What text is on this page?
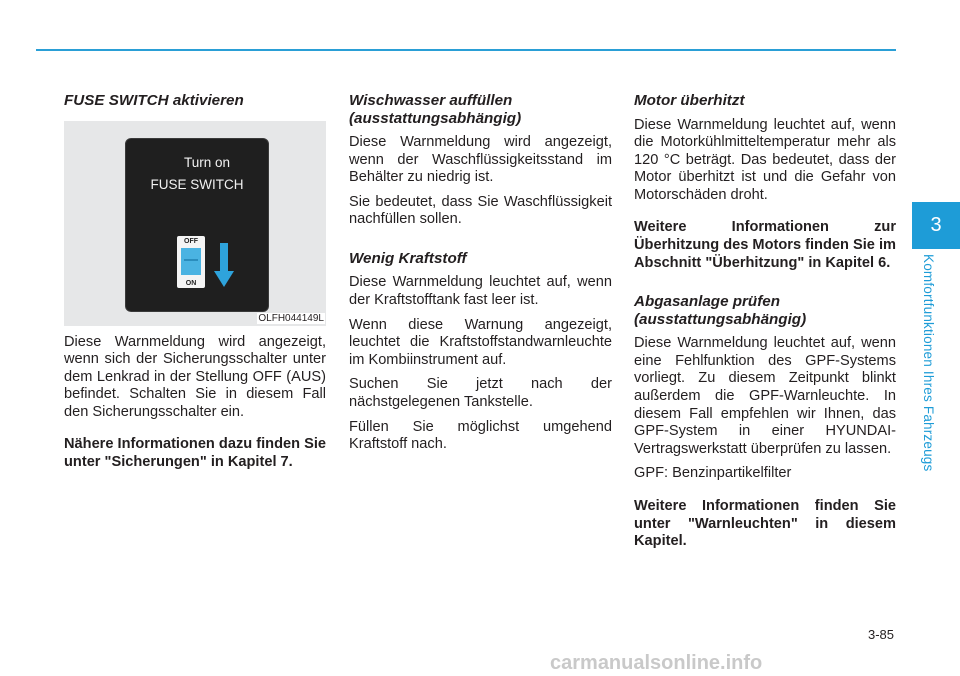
FUSE SWITCH aktivieren
Turn on
FUSE SWITCH
OFF
ON
OLFH044149L

Diese Warnmeldung wird angezeigt, wenn sich der Sicherungsschalter unter dem Lenkrad in der Stellung OFF (AUS) befindet. Schalten Sie in diesem Fall den Sicherungsschalter ein.

Nähere Informationen dazu finden Sie unter "Sicherungen" in Kapitel 7.

Wischwasser auffüllen (ausstattungsabhängig)

Diese Warnmeldung wird angezeigt, wenn der Waschflüssigkeitsstand im Behälter zu niedrig ist.

Sie bedeutet, dass Sie Waschflüssigkeit nachfüllen sollen.

Wenig Kraftstoff

Diese Warnmeldung leuchtet auf, wenn der Kraftstofftank fast leer ist.

Wenn diese Warnung angezeigt, leuchtet die Kraftstoffstandwarnleuchte im Kombiinstrument auf.

Suchen Sie jetzt nach der nächstgelegenen Tankstelle.

Füllen Sie möglichst umgehend Kraftstoff nach.

Motor überhitzt

Diese Warnmeldung leuchtet auf, wenn die Motorkühlmitteltemperatur mehr als 120 °C beträgt. Das bedeutet, dass der Motor überhitzt ist und die Gefahr von Motorschäden droht.

Weitere Informationen zur Überhitzung des Motors finden Sie im Abschnitt "Überhitzung" in Kapitel 6.

Abgasanlage prüfen (ausstattungsabhängig)

Diese Warnmeldung leuchtet auf, wenn eine Fehlfunktion des GPF-Systems vorliegt. Zu diesem Zeitpunkt blinkt außerdem die GPF-Warnleuchte. In diesem Fall empfehlen wir Ihnen, das GPF-System in einer HYUNDAI-Vertragswerkstatt überprüfen zu lassen.

GPF: Benzinpartikelfilter

Weitere Informationen finden Sie unter "Warnleuchten" in diesem Kapitel.

3
Komfortfunktionen Ihres Fahrzeugs
3-85
carmanualsonline.info
